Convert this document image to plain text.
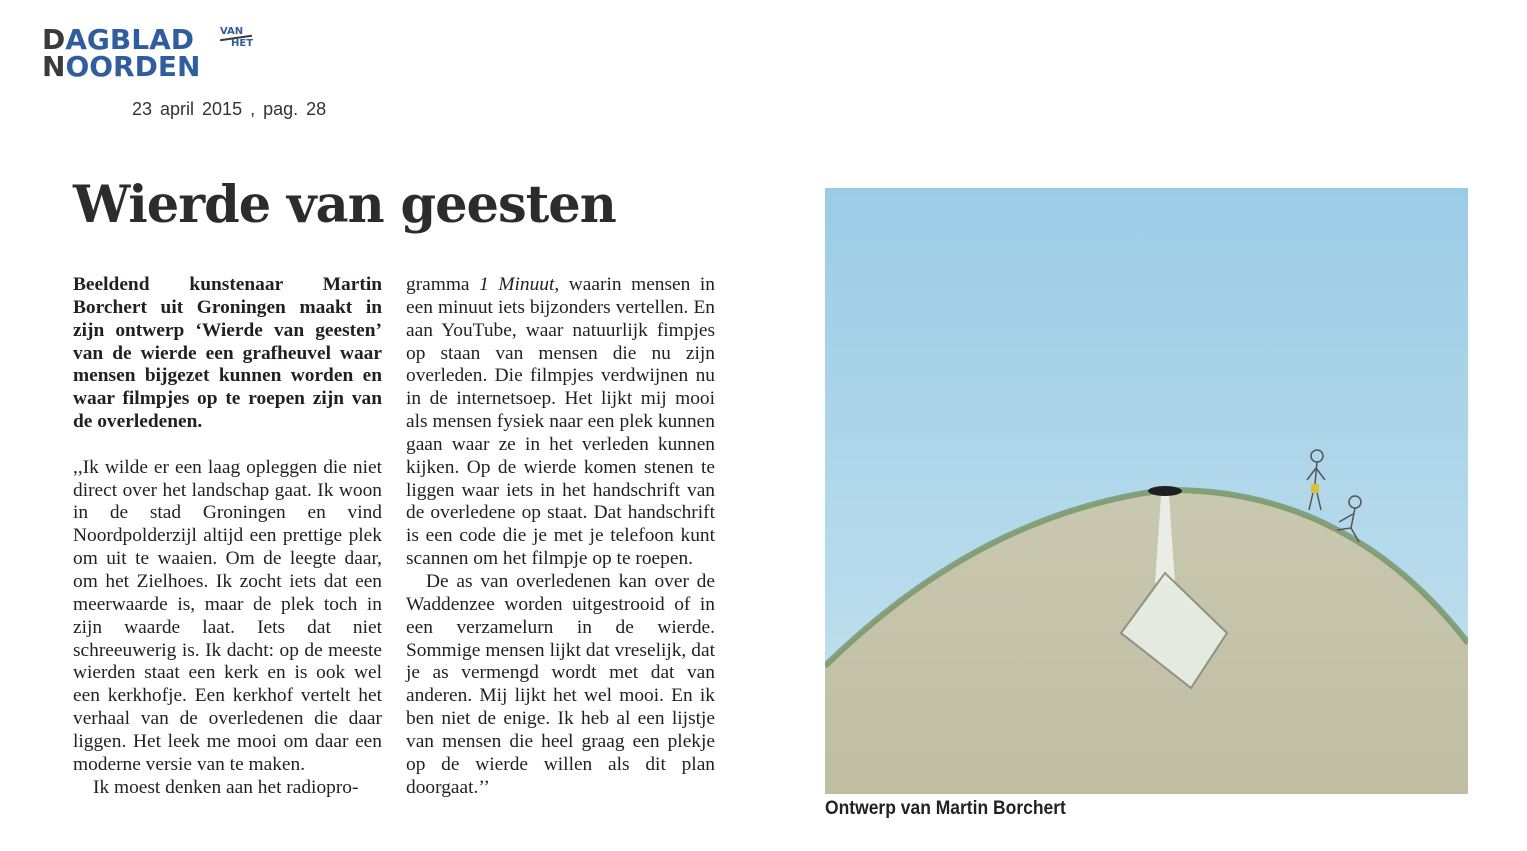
DAGBLAD
NOORDEN
VAN
HET
23 april 2015 , pag. 28
Wierde van geesten

Beeldend kunstenaar Martin Borchert uit Groningen maakt in zijn ontwerp ‘Wierde van geesten’ van de wierde een grafheuvel waar mensen bijgezet kunnen worden en waar filmpjes op te roepen zijn van de overledenen.

,,Ik wilde er een laag opleggen die niet direct over het landschap gaat. Ik woon in de stad Groningen en vind Noordpolderzijl altijd een prettige plek om uit te waaien. Om de leegte daar, om het Zielhoes. Ik zocht iets dat een meerwaarde is, maar de plek toch in zijn waarde laat. Iets dat niet schreeuwerig is. Ik dacht: op de meeste wierden staat een kerk en is ook wel een kerkhofje. Een kerkhof vertelt het verhaal van de overledenen die daar liggen. Het leek me mooi om daar een moderne versie van te maken.

Ik moest denken aan het radiopro-

gramma 1 Minuut, waarin mensen in een minuut iets bijzonders vertellen. En aan YouTube, waar natuurlijk fimpjes op staan van mensen die nu zijn overleden. Die filmpjes verdwijnen nu in de internetsoep. Het lijkt mij mooi als mensen fysiek naar een plek kunnen gaan waar ze in het verleden kunnen kijken. Op de wierde komen stenen te liggen waar iets in het handschrift van de overledene op staat. Dat handschrift is een code die je met je telefoon kunt scannen om het filmpje op te roepen.

De as van overledenen kan over de Waddenzee worden uitgestrooid of in een verzamelurn in de wierde. Sommige mensen lijkt dat vreselijk, dat je as vermengd wordt met dat van anderen. Mij lijkt het wel mooi. En ik ben niet de enige. Ik heb al een lijstje van mensen die heel graag een plekje op de wierde willen als dit plan doorgaat.’’

Ontwerp van Martin Borchert
